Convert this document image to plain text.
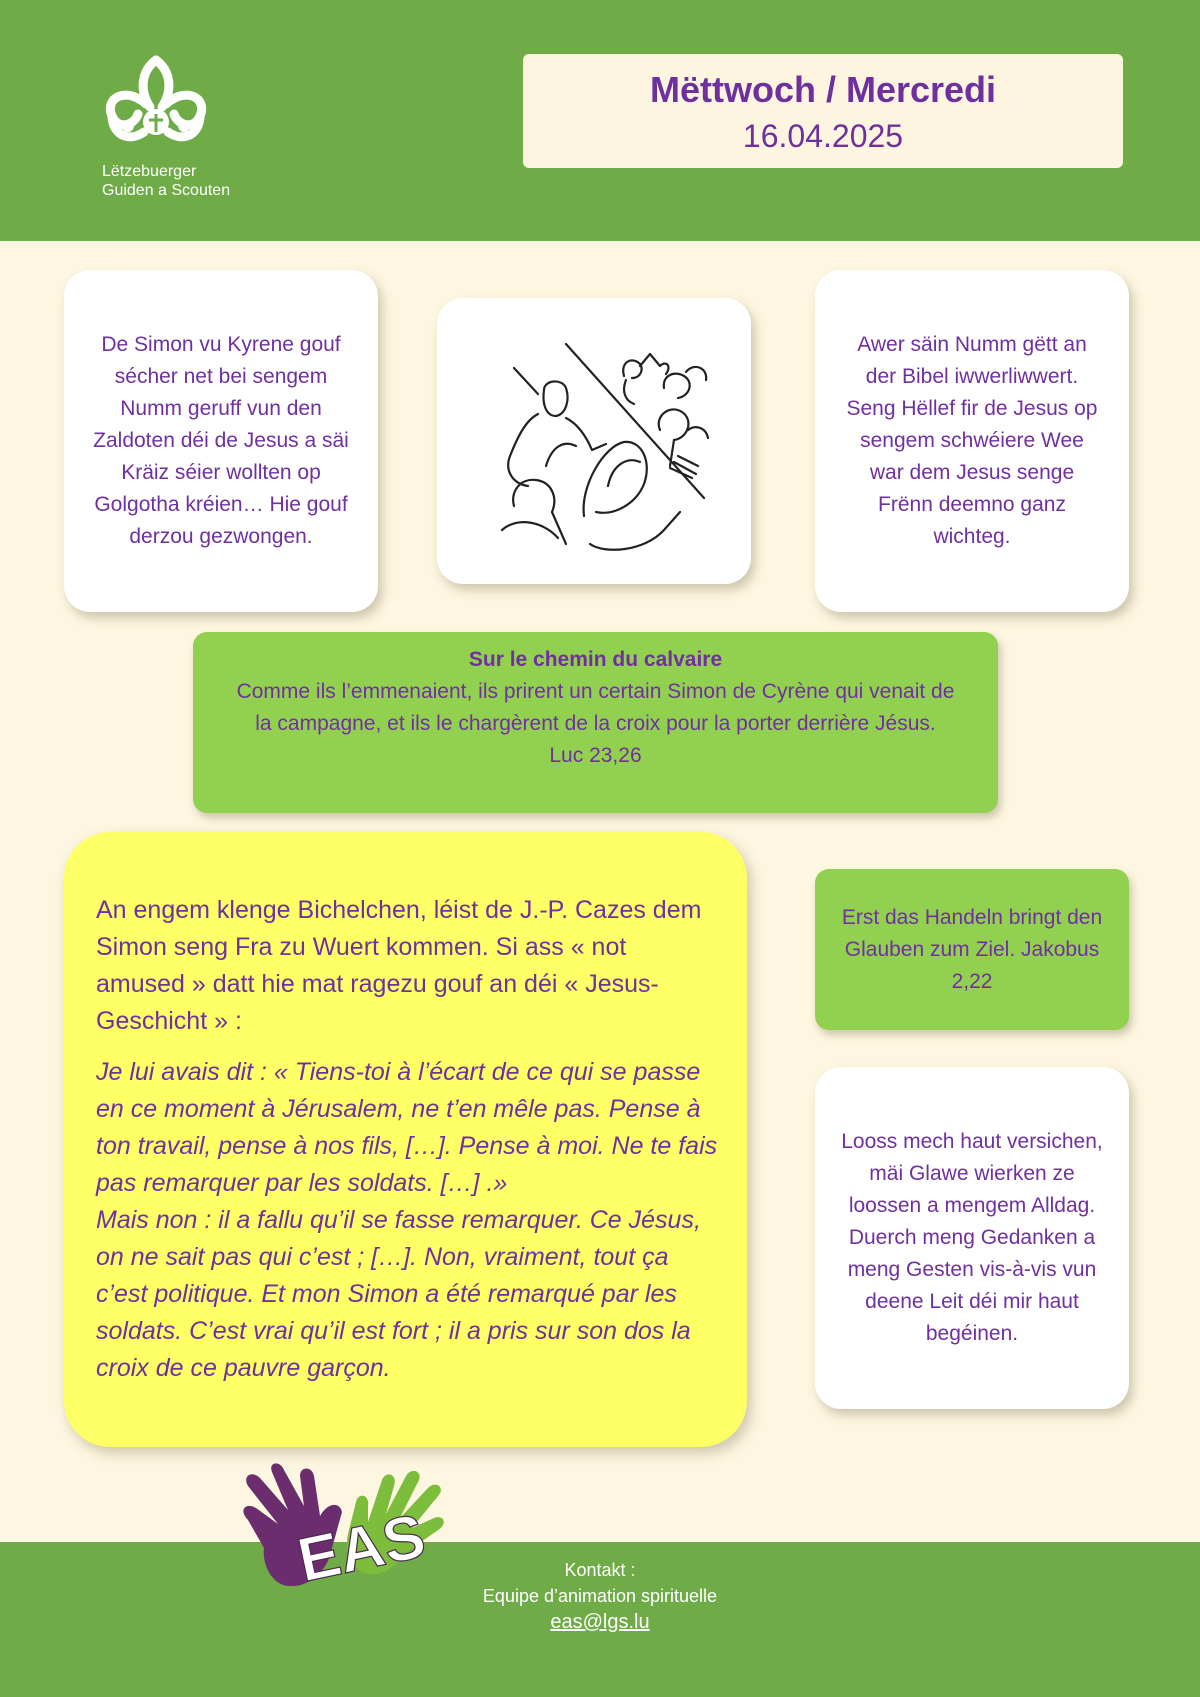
Lëtzebuerger
Guiden a Scouten
Mëttwoch / Mercredi
16.04.2025

De Simon vu Kyrene gouf sécher net bei sengem Numm geruff vun den Zaldoten déi de Jesus a säi Kräiz séier wollten op Golgotha kréien… Hie gouf derzou gezwongen.

Awer säin Numm gëtt an der Bibel iwwerliwwert. Seng Hëllef fir de Jesus op sengem schwéiere Wee war dem Jesus senge Frënn deemno ganz wichteg.

Sur le chemin du calvaire
Comme ils l’emmenaient, ils prirent un certain Simon de Cyrène qui venait de
la campagne, et ils le chargèrent de la croix pour la porter derrière Jésus.
Luc 23,26

An engem klenge Bichelchen, léist de J.-P. Cazes dem Simon seng Fra zu Wuert kommen. Si ass « not amused » datt hie mat ragezu gouf an déi « Jesus-Geschicht » :

Je lui avais dit : « Tiens-toi à l’écart de ce qui se passe en ce moment à Jérusalem, ne t’en mêle pas. Pense à ton travail, pense à nos fils, […]. Pense à moi. Ne te fais pas remarquer par les soldats. […] .»

Mais non : il a fallu qu’il se fasse remarquer. Ce Jésus, on ne sait pas qui c’est ; […]. Non, vraiment, tout ça c’est politique. Et mon Simon a été remarqué par les soldats. C’est vrai qu’il est fort ; il a pris sur son dos la croix de ce pauvre garçon.

Erst das Handeln bringt den Glauben zum Ziel. Jakobus 2,22

Looss mech haut versichen, mäi Glawe wierken ze loossen a mengem Alldag. Duerch meng Gedanken a meng Gesten vis-à-vis vun deene Leit déi mir haut begéinen.

EAS	Kontakt :
Equipe d’animation spirituelle
eas@lgs.lu
